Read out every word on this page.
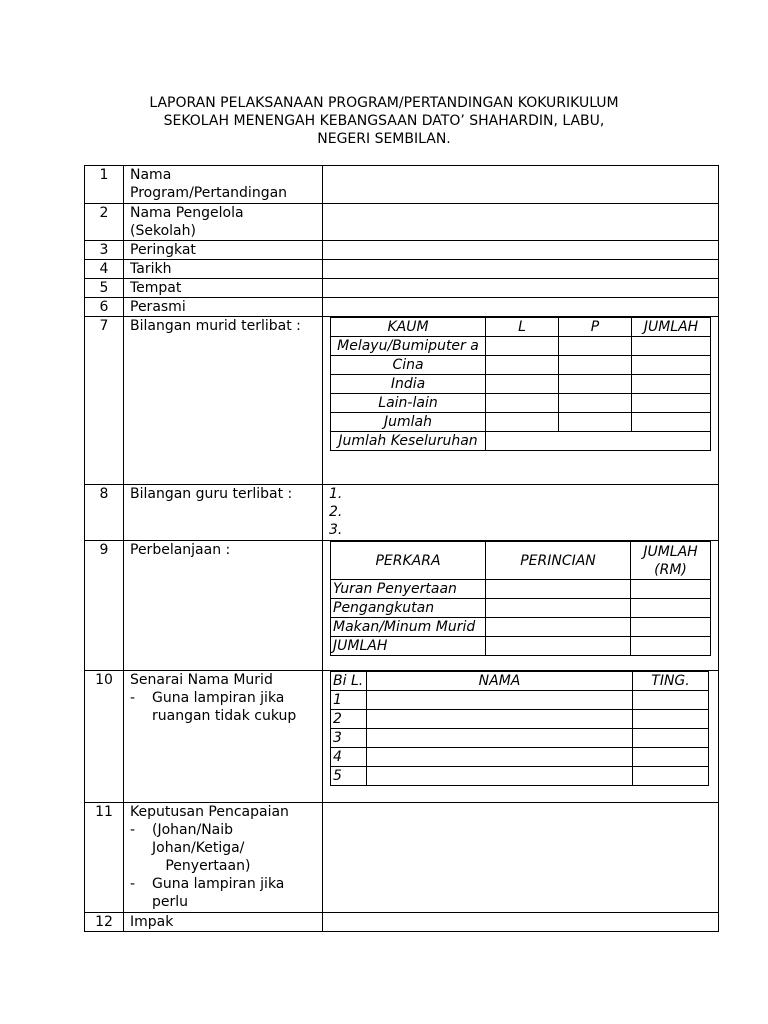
LAPORAN PELAKSANAAN PROGRAM/PERTANDINGAN KOKURIKULUM
SEKOLAH MENENGAH KEBANGSAAN DATO’ SHAHARDIN, LABU,
NEGERI SEMBILAN.
1	Nama
Program/Pertandingan

2	Nama Pengelola
(Sekolah)

3	Peringkat

4	Tarikh

5	Tempat

6	Perasmi

7	Bilangan murid terlibat :
		KAUM	L	P	JUMLAH
Melayu/Bumiputer a			
Cina			
India			
Lain-lain			
Jumlah			
Jumlah Keseluruhan	

8	Bilangan guru terlibat :	1.
2.
3.

9	Perbelanjaan :

PERKARA	PERINCIAN	JUMLAH (RM)
Yuran Penyertaan		
Pengangkutan		
Makan/Minum Murid		
JUMLAH		

10	Senarai Nama Murid
-	Guna lampiran jika
ruangan tidak cukup

Bi L.	NAMA	TING.
1		
2		
3		
4		
5		

11	Keputusan Pencapaian
-	(Johan/Naib
Johan/Ketiga/
Penyertaan)
-	Guna lampiran jika
perlu

12	Impak
